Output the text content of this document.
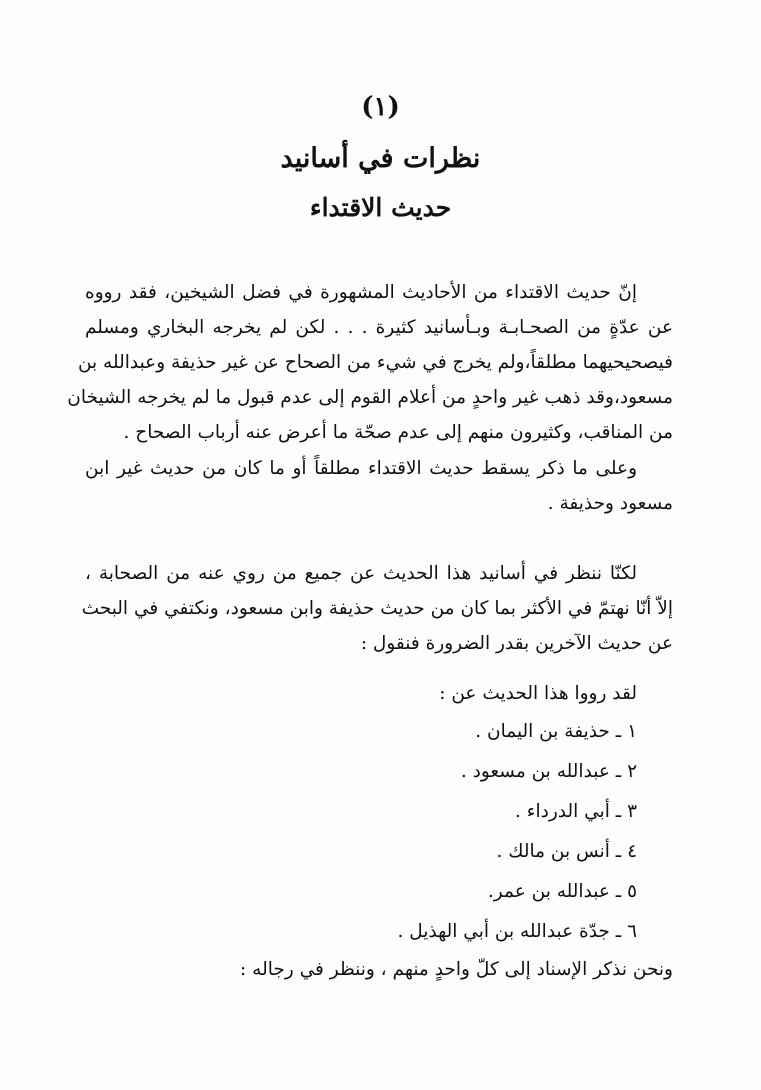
(١)
نظرات في أسانيد
حديث الاقتداء
إنّ حديث الاقتداء من الأحاديث المشهورة في فضل الشيخين، فقد رووه
عن عدّةٍ من الصحـابـة وبـأسانيد كثيرة . . . لكن لم يخرجه البخاري ومسلم
فيصحيحيهما مطلقاً،ولم يخرج في شيء من الصحاح عن غير حذيفة وعبدالله بن
مسعود،وقد ذهب غير واحدٍ من أعلام القوم إلى عدم قبول ما لم يخرجه الشيخان
من المناقب، وكثيرون منهم إلى عدم صحّة ما أعرض عنه أرباب الصحاح .
وعلى ما ذكر يسقط حديث الاقتداء مطلقاً أو ما كان من حديث غير ابن
مسعود وحذيفة .
لكنّا ننظر في أسانيد هذا الحديث عن جميع من روي عنه من الصحابة ،
إلاّ أنّا نهتمّ في الأكثر بما كان من حديث حذيفة وابن مسعود، ونكتفي في البحث
عن حديث الآخرين بقدر الضرورة فنقول :
لقد رووا هذا الحديث عن :
١ ـ حذيفة بن اليمان .
٢ ـ عبدالله بن مسعود .
٣ ـ أبي الدرداء .
٤ ـ أنس بن مالك .
٥ ـ عبدالله بن عمر.
٦ ـ جدّة عبدالله بن أبي الهذيل .
ونحن نذكر الإسناد إلى كلّ واحدٍ منهم ، وننظر في رجاله :
